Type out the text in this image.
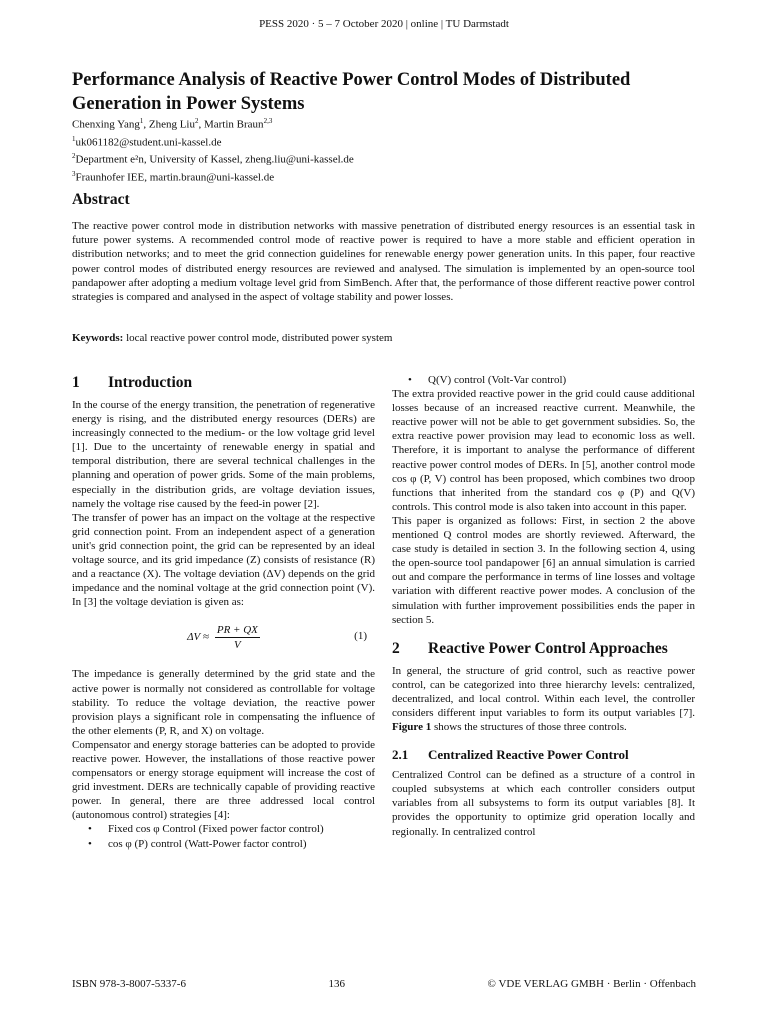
PESS 2020 · 5 – 7 October 2020 | online | TU Darmstadt
Performance Analysis of Reactive Power Control Modes of Distributed Generation in Power Systems
Chenxing Yang$^1$, Zheng Liu$^2$, Martin Braun$^{2,3}$
$^1$uk061182@student.uni-kassel.de
$^2$Department e²n, University of Kassel, zheng.liu@uni-kassel.de
$^3$Fraunhofer IEE, martin.braun@uni-kassel.de
Abstract

The reactive power control mode in distribution networks with massive penetration of distributed energy resources is an essential task in future power systems. A recommended control mode of reactive power is required to have a more stable and efficient operation in distribution networks; and to meet the grid connection guidelines for renewable energy power generation units. In this paper, four reactive power control modes of distributed energy resources are reviewed and analysed. The simulation is implemented by an open-source tool pandapower after adopting a medium voltage level grid from SimBench. After that, the performance of those different reactive power control strategies is compared and analysed in the aspect of voltage stability and power losses.

Keywords: local reactive power control mode, distributed power system

1	Introduction

In the course of the energy transition, the penetration of regenerative energy is rising, and the distributed energy resources (DERs) are increasingly connected to the medium- or the low voltage grid level [1]. Due to the uncertainty of renewable energy in spatial and temporal distribution, there are several technical challenges in the planning and operation of power grids. Some of the main problems, especially in the distribution grids, are voltage deviation issues, namely the voltage rise caused by the feed-in power [2].

The transfer of power has an impact on the voltage at the respective grid connection point. From an independent aspect of a generation unit's grid connection point, the grid can be represented by an ideal voltage source, and its grid impedance (Z) consists of resistance (R) and a reactance (X). The voltage deviation (ΔV) depends on the grid impedance and the nominal voltage at the grid connection point (V). In [3] the voltage deviation is given as:

$\Delta V \approx \frac{PR + QX}{V}$	(1)

The impedance is generally determined by the grid state and the active power is normally not considered as controllable for voltage stability. To reduce the voltage deviation, the reactive power provision plays a significant role in compensating the influence of the other elements (P, R, and X) on voltage.

Compensator and energy storage batteries can be adopted to provide reactive power. However, the installations of those reactive power compensators or energy storage equipment will increase the cost of grid investment. DERs are technically capable of providing reactive power. In general, there are three addressed local control (autonomous control) strategies [4]:

• Fixed cos φ Control (Fixed power factor control)
• cos φ (P) control (Watt-Power factor control)
• Q(V) control (Volt-Var control)

The extra provided reactive power in the grid could cause additional losses because of an increased reactive current. Meanwhile, the reactive power will not be able to get government subsidies. So, the extra reactive power provision may lead to economic loss as well. Therefore, it is important to analyse the performance of different reactive power control modes of DERs. In [5], another control mode cos φ (P, V) control has been proposed, which combines two droop functions that inherited from the standard cos φ (P) and Q(V) controls. This control mode is also taken into account in this paper.

This paper is organized as follows: First, in section 2 the above mentioned Q control modes are shortly reviewed. Afterward, the case study is detailed in section 3. In the following section 4, using the open-source tool pandapower [6] an annual simulation is carried out and compare the performance in terms of line losses and voltage variation with different reactive power modes. A conclusion of the simulation with further improvement possibilities ends the paper in section 5.

2	Reactive Power Control Approaches

In general, the structure of grid control, such as reactive power control, can be categorized into three hierarchy levels: centralized, decentralized, and local control. Within each level, the controller considers different input variables to form its output variables [7]. Figure 1 shows the structures of those three controls.

2.1	Centralized Reactive Power Control

Centralized Control can be defined as a structure of a control in coupled subsystems at which each controller considers output variables from all subsystems to form its output variables [8]. It provides the opportunity to optimize grid operation locally and regionally. In centralized control

ISBN 978-3-8007-5337-6	136	© VDE VERLAG GMBH · Berlin · Offenbach
